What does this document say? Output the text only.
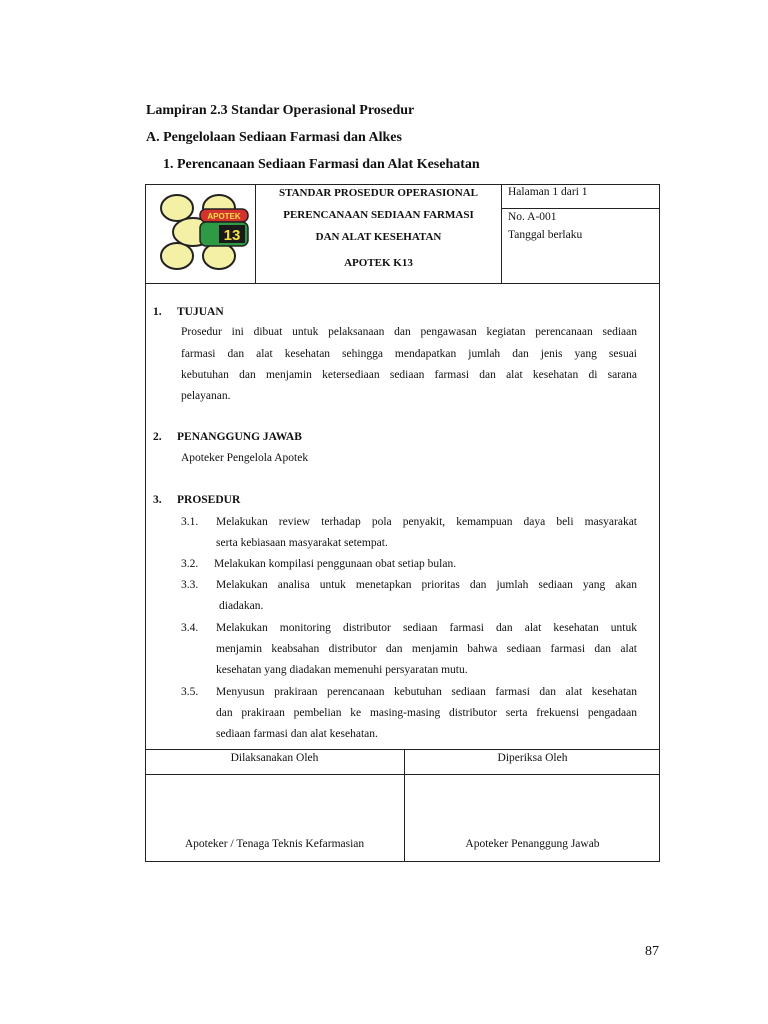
Lampiran 2.3 Standar Operasional Prosedur
A. Pengelolaan Sediaan Farmasi dan Alkes
1. Perencanaan Sediaan Farmasi dan Alat Kesehatan
APOTEK
13
STANDAR PROSEDUR OPERASIONAL
PERENCANAAN SEDIAAN FARMASI
DAN ALAT KESEHATAN
APOTEK K13
Halaman 1 dari 1
No. A-001
Tanggal berlaku
1. TUJUAN
Prosedur ini dibuat untuk pelaksanaan dan pengawasan kegiatan perencanaan sediaan
farmasi dan alat kesehatan sehingga mendapatkan jumlah dan jenis yang sesuai
kebutuhan dan menjamin ketersediaan sediaan farmasi dan alat kesehatan di sarana
pelayanan.
2. PENANGGUNG JAWAB
Apoteker Pengelola Apotek
3. PROSEDUR
3.1. Melakukan review terhadap pola penyakit, kemampuan daya beli masyarakat
serta kebiasaan masyarakat setempat.
3.2. Melakukan kompilasi penggunaan obat setiap bulan.
3.3. Melakukan analisa untuk menetapkan prioritas dan jumlah sediaan yang akan
diadakan.
3.4. Melakukan monitoring distributor sediaan farmasi dan alat kesehatan untuk
menjamin keabsahan distributor dan menjamin bahwa sediaan farmasi dan alat
kesehatan yang diadakan memenuhi persyaratan mutu.
3.5. Menyusun prakiraan perencanaan kebutuhan sediaan farmasi dan alat kesehatan
dan prakiraan pembelian ke masing-masing distributor serta frekuensi pengadaan
sediaan farmasi dan alat kesehatan.
Dilaksanakan Oleh	Diperiksa Oleh
Apoteker / Tenaga Teknis Kefarmasian	Apoteker Penanggung Jawab
87
